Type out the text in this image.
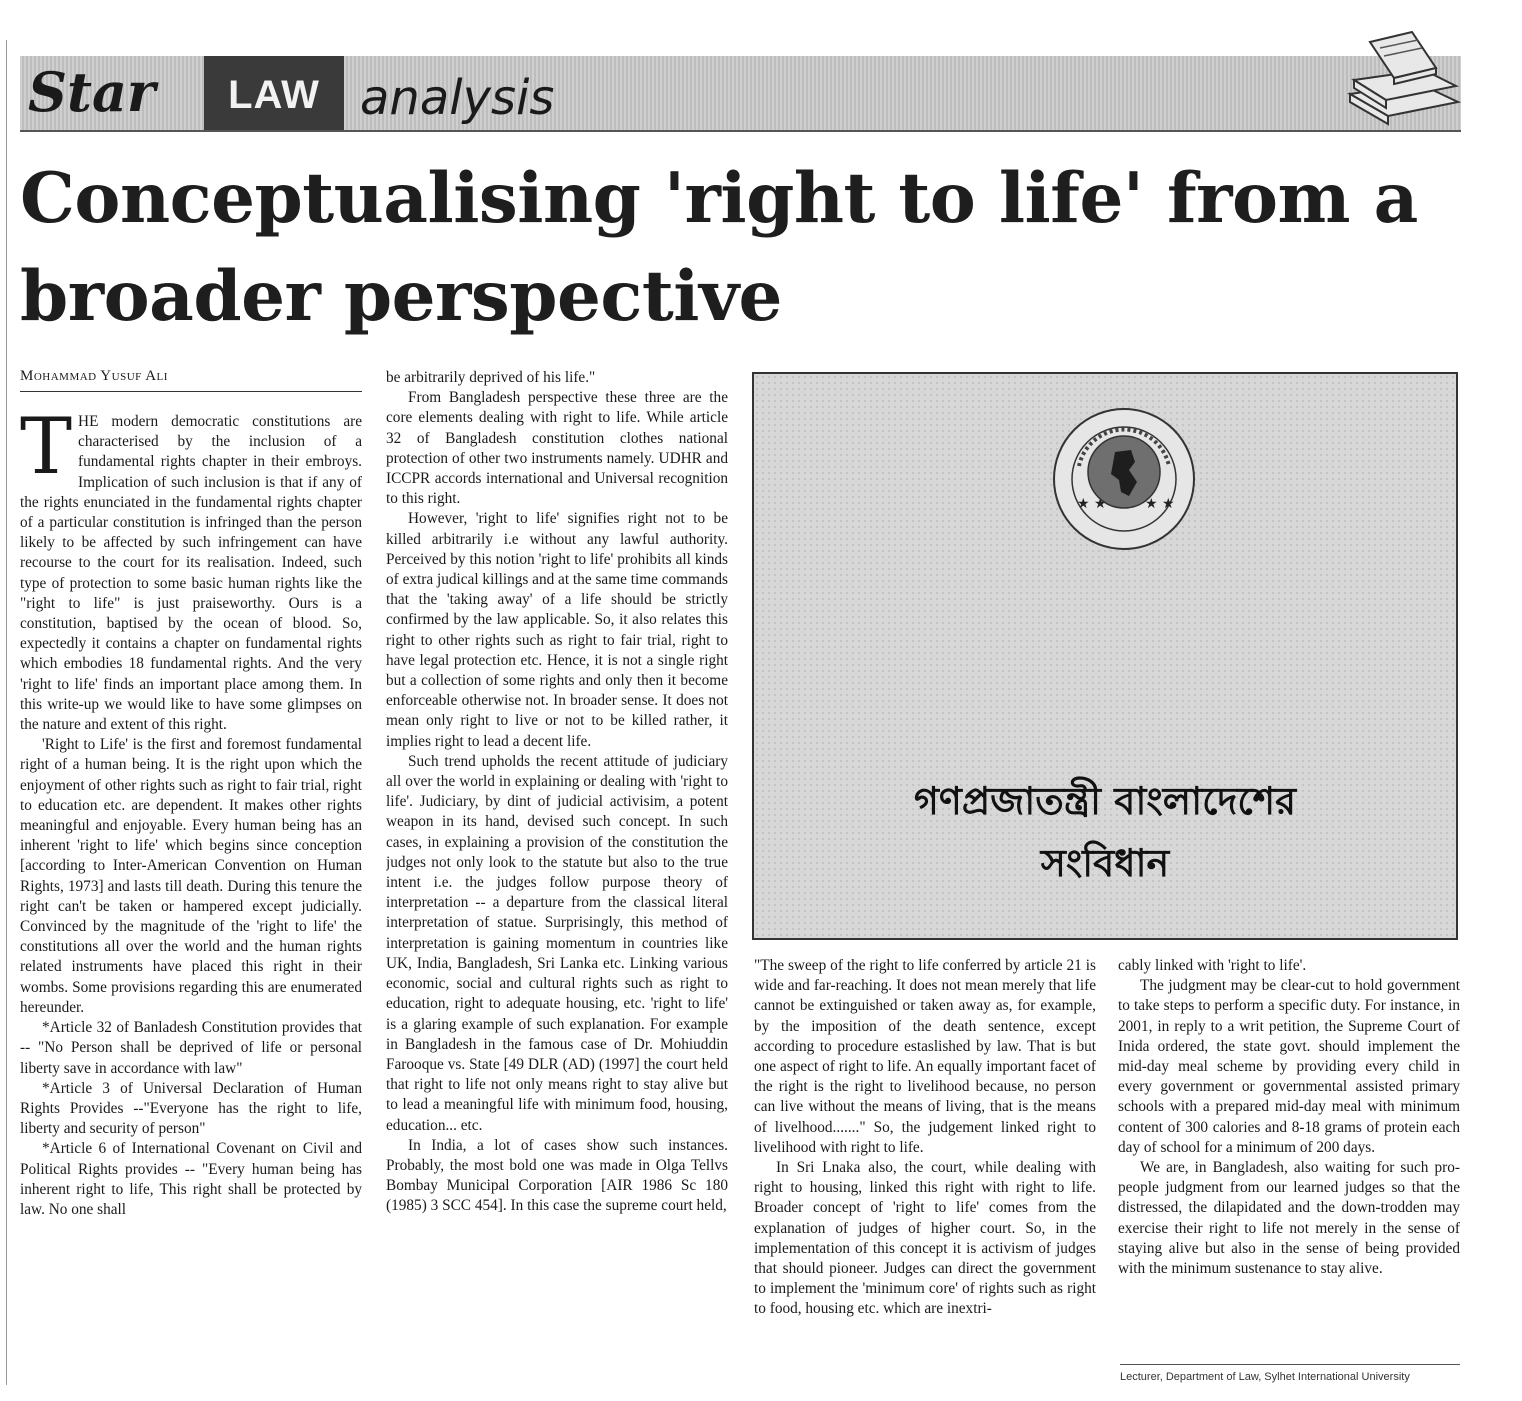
Star	LAW analysis
Conceptualising 'right to life' from a broader perspective
Mohammad Yusuf Ali

THE modern democratic constitutions are characterised by the inclusion of a fundamental rights chapter in their embroys. Implication of such inclusion is that if any of the rights enunciated in the fundamental rights chapter of a particular constitution is infringed than the person likely to be affected by such infringement can have recourse to the court for its realisation. Indeed, such type of protection to some basic human rights like the "right to life" is just praiseworthy. Ours is a constitution, baptised by the ocean of blood. So, expectedly it contains a chapter on fundamental rights which embodies 18 fundamental rights. And the very 'right to life' finds an important place among them. In this write-up we would like to have some glimpses on the nature and extent of this right.

'Right to Life' is the first and foremost fundamental right of a human being. It is the right upon which the enjoyment of other rights such as right to fair trial, right to education etc. are dependent. It makes other rights meaningful and enjoyable. Every human being has an inherent 'right to life' which begins since conception [according to Inter-American Convention on Human Rights, 1973] and lasts till death. During this tenure the right can't be taken or hampered except judicially. Convinced by the magnitude of the 'right to life' the constitutions all over the world and the human rights related instruments have placed this right in their wombs. Some provisions regarding this are enumerated hereunder.

*Article 32 of Banladesh Constitution provides that -- "No Person shall be deprived of life or personal liberty save in accordance with law"

*Article 3 of Universal Declaration of Human Rights Provides --"Everyone has the right to life, liberty and security of person"

*Article 6 of International Covenant on Civil and Political Rights provides -- "Every human being has inherent right to life, This right shall be protected by law. No one shall

be arbitrarily deprived of his life."

From Bangladesh perspective these three are the core elements dealing with right to life. While article 32 of Bangladesh constitution clothes national protection of other two instruments namely. UDHR and ICCPR accords international and Universal recognition to this right.

However, 'right to life' signifies right not to be killed arbitrarily i.e without any lawful authority. Perceived by this notion 'right to life' prohibits all kinds of extra judical killings and at the same time commands that the 'taking away' of a life should be strictly confirmed by the law applicable. So, it also relates this right to other rights such as right to fair trial, right to have legal protection etc. Hence, it is not a single right but a collection of some rights and only then it become enforceable otherwise not. In broader sense. It does not mean only right to live or not to be killed rather, it implies right to lead a decent life.

Such trend upholds the recent attitude of judiciary all over the world in explaining or dealing with 'right to life'. Judiciary, by dint of judicial activisim, a potent weapon in its hand, devised such concept. In such cases, in explaining a provision of the constitution the judges not only look to the statute but also to the true intent i.e. the judges follow purpose theory of interpretation -- a departure from the classical literal interpretation of statue. Surprisingly, this method of interpretation is gaining momentum in countries like UK, India, Bangladesh, Sri Lanka etc. Linking various economic, social and cultural rights such as right to education, right to adequate housing, etc. 'right to life' is a glaring example of such explanation. For example in Bangladesh in the famous case of Dr. Mohiuddin Farooque vs. State [49 DLR (AD) (1997] the court held that right to life not only means right to stay alive but to lead a meaningful life with minimum food, housing, education... etc.

In India, a lot of cases show such instances. Probably, the most bold one was made in Olga Tellvs Bombay Municipal Corporation [AIR 1986 Sc 180 (1985) 3 SCC 454]. In this case the supreme court held,

★ ★	★ ★
গণপ্রজাতন্ত্রী বাংলাদেশের
সংবিধান

"The sweep of the right to life conferred by article 21 is wide and far-reaching. It does not mean merely that life cannot be extinguished or taken away as, for example, by the imposition of the death sentence, except according to procedure estaslished by law. That is but one aspect of right to life. An equally important facet of the right is the right to livelihood because, no person can live without the means of living, that is the means of livelhood......." So, the judgement linked right to livelihood with right to life.

In Sri Lnaka also, the court, while dealing with right to housing, linked this right with right to life. Broader concept of 'right to life' comes from the explanation of judges of higher court. So, in the implementation of this concept it is activism of judges that should pioneer. Judges can direct the government to implement the 'minimum core' of rights such as right to food, housing etc. which are inextri-

cably linked with 'right to life'.

The judgment may be clear-cut to hold government to take steps to perform a specific duty. For instance, in 2001, in reply to a writ petition, the Supreme Court of Inida ordered, the state govt. should implement the mid-day meal scheme by providing every child in every government or governmental assisted primary schools with a prepared mid-day meal with minimum content of 300 calories and 8-18 grams of protein each day of school for a minimum of 200 days.

We are, in Bangladesh, also waiting for such pro-people judgment from our learned judges so that the distressed, the dilapidated and the down-trodden may exercise their right to life not merely in the sense of staying alive but also in the sense of being provided with the minimum sustenance to stay alive.

Lecturer, Department of Law, Sylhet International University
